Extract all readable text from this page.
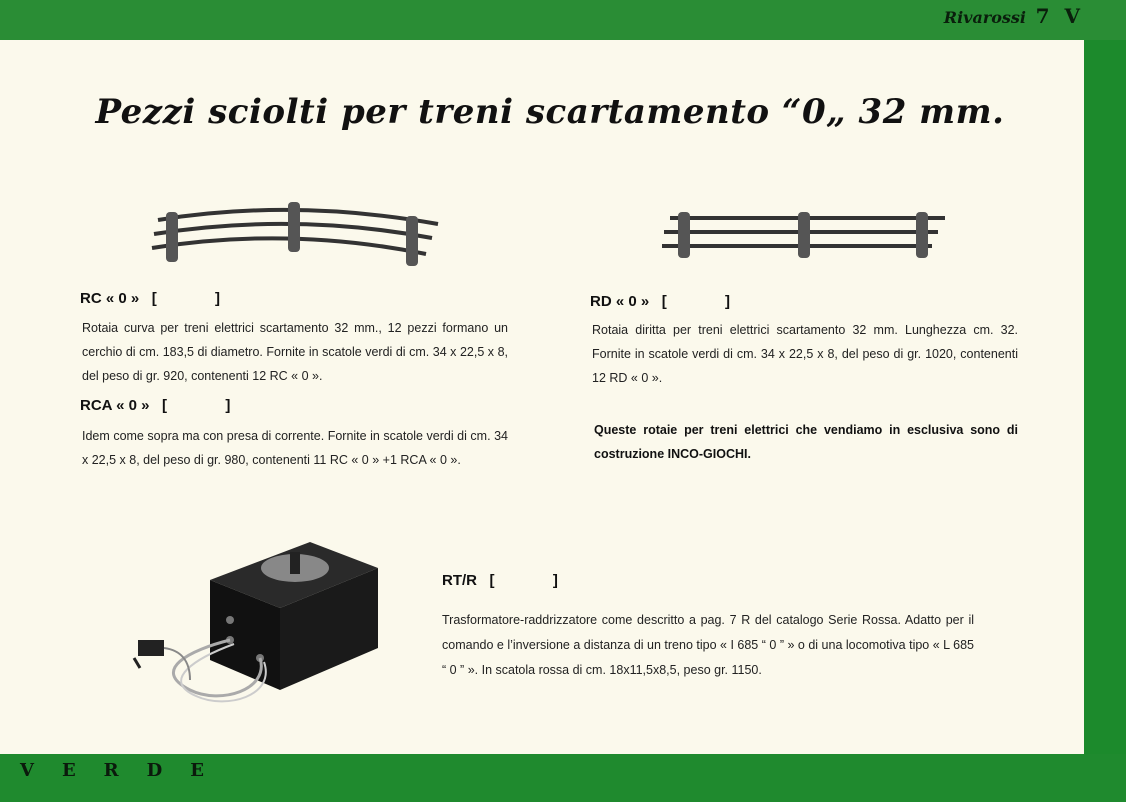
Rivarossi 7 V
Pezzi sciolti per treni scartamento “0„ 32 mm.
RC « 0 »   [              ]
Rotaia curva per treni elettrici scartamento 32 mm., 12 pezzi formano un cerchio di cm. 183,5 di diametro. Fornite in scatole verdi di cm. 34 x 22,5 x 8, del peso di gr. 920, contenenti 12 RC « 0 ».
RCA « 0 »   [              ]
Idem come sopra ma con presa di corrente. Fornite in scatole verdi di cm. 34 x 22,5 x 8, del peso di gr. 980, contenenti 11 RC « 0 » +1 RCA « 0 ».
RD « 0 »   [              ]
Rotaia diritta per treni elettrici scartamento 32 mm. Lunghezza cm. 32. Fornite in scatole verdi di cm. 34 x 22,5 x 8, del peso di gr. 1020, contenenti 12 RD « 0 ».
Queste rotaie per treni elettrici che vendiamo in esclusiva sono di costruzione INCO-GIOCHI.
RT/R   [              ]
Trasformatore-raddrizzatore come descritto a pag. 7 R del catalogo Serie Rossa. Adatto per il comando e l’inversione a distanza di un treno tipo « I 685 “ 0 ” » o di una locomotiva tipo « L 685 “ 0 ” ». In scatola rossa di cm. 18x11,5x8,5, peso gr. 1150.
VERDE
